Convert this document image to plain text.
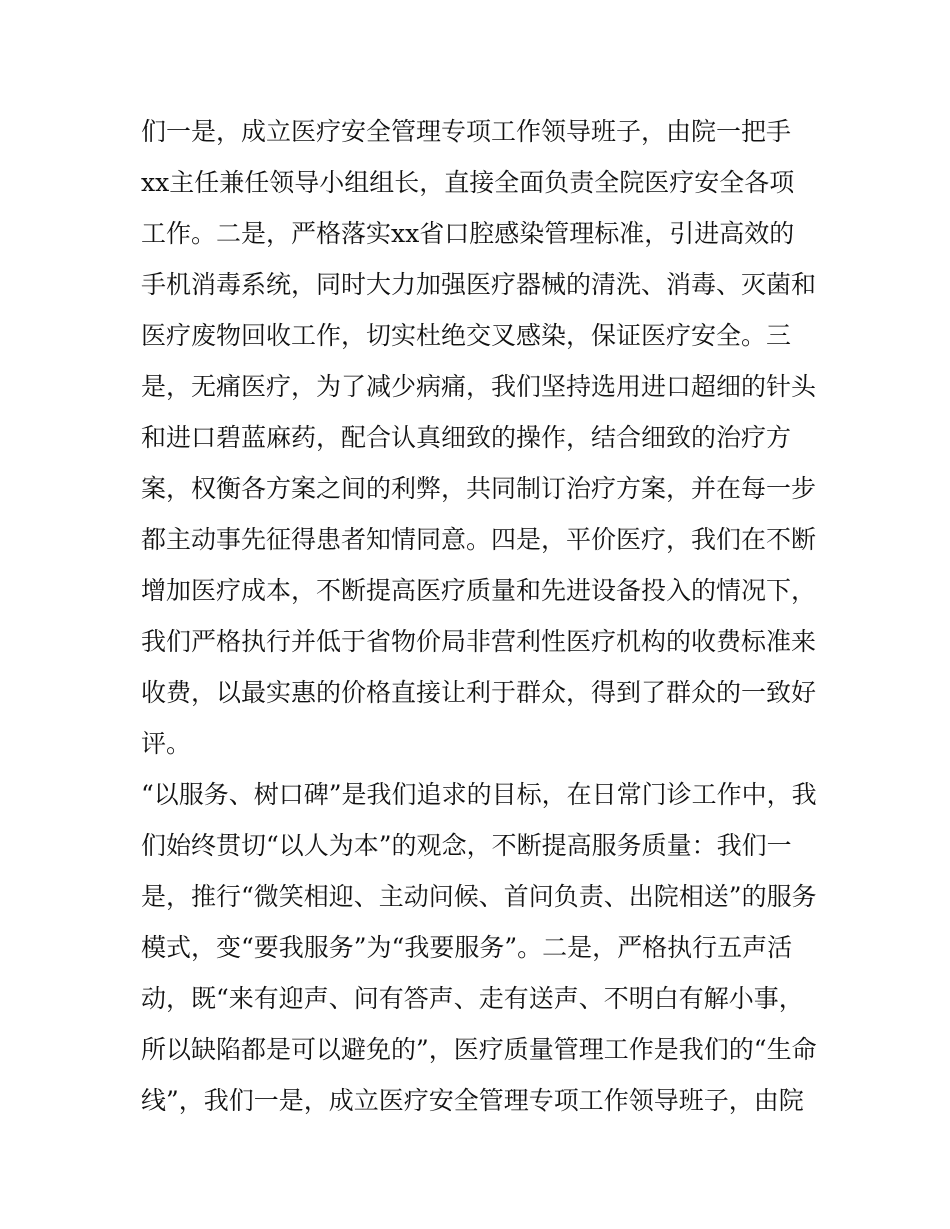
们一是，成立医疗安全管理专项工作领导班子，由院一把手
xx主任兼任领导小组组长，直接全面负责全院医疗安全各项
工作。二是，严格落实xx省口腔感染管理标准，引进高效的
手机消毒系统，同时大力加强医疗器械的清洗、消毒、灭菌和
医疗废物回收工作，切实杜绝交叉感染，保证医疗安全。三
是，无痛医疗，为了减少病痛，我们坚持选用进口超细的针头
和进口碧蓝麻药，配合认真细致的操作，结合细致的治疗方
案，权衡各方案之间的利弊，共同制订治疗方案，并在每一步
都主动事先征得患者知情同意。四是，平价医疗，我们在不断
增加医疗成本，不断提高医疗质量和先进设备投入的情况下，
我们严格执行并低于省物价局非营利性医疗机构的收费标准来
收费，以最实惠的价格直接让利于群众，得到了群众的一致好
评。
“以服务、树口碑”是我们追求的目标，在日常门诊工作中，我
们始终贯切“以人为本”的观念，不断提高服务质量：我们一
是，推行“微笑相迎、主动问候、首问负责、出院相送”的服务
模式，变“要我服务”为“我要服务”。二是，严格执行五声活
动，既“来有迎声、问有答声、走有送声、不明白有解小事，
所以缺陷都是可以避免的”，医疗质量管理工作是我们的“生命
线”，我们一是，成立医疗安全管理专项工作领导班子，由院
